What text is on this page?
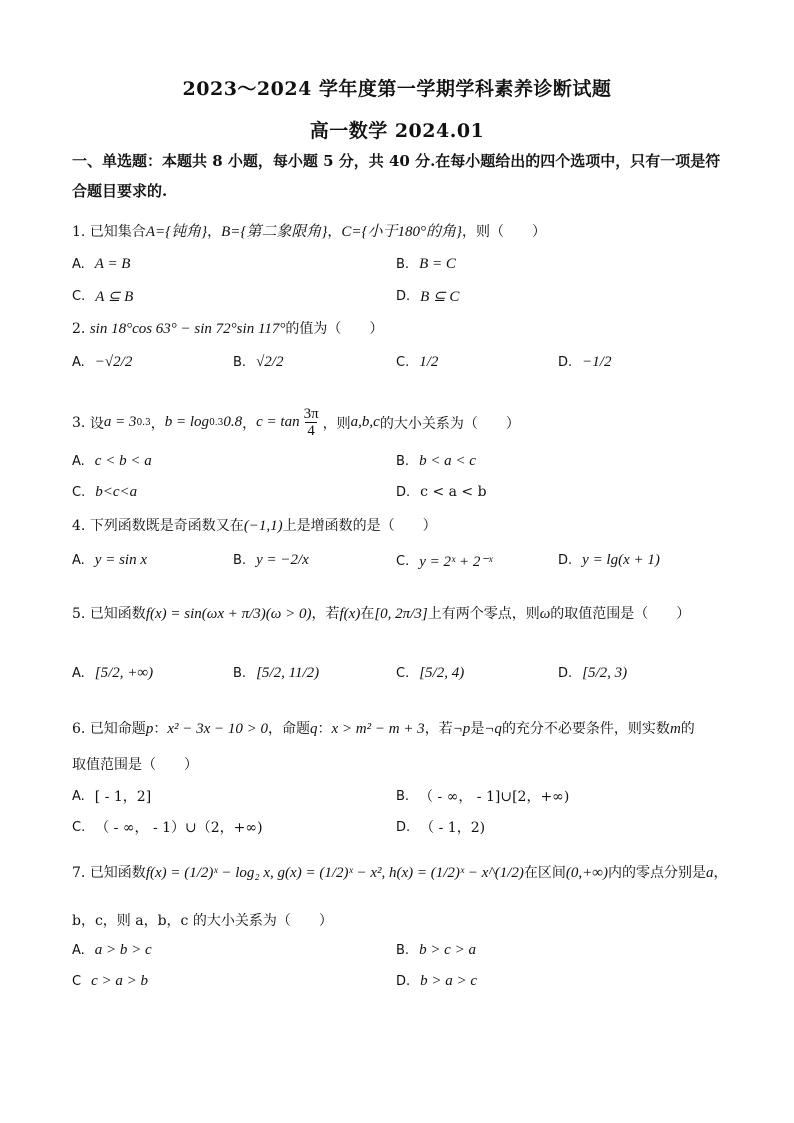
2023～2024 学年度第一学期学科素养诊断试题
高一数学 2024.01
一、单选题：本题共 8 小题，每小题 5 分，共 40 分.在每小题给出的四个选项中，只有一项是符合题目要求的.
1. 已知集合A={钝角}，B={第二象限角}，C={小于180°的角}，则（　　）
A. A = B	B. B = C
C. A ⊆ B	D. B ⊆ C
2. sin 18°cos 63° − sin 72°sin 117°的值为（　　）
A. −√2/2	B. √2/2	C. 1/2	D. −1/2
3.
设 a = 3 0.3 ， b = log 0.3 0.8 ， $c = \tan \frac{3\pi}{4}$ ，则 a,b,c 的大小关系为（　　）
A. c < b < a	B. b < a < c
C. b<c<a	D. c < a < b
4. 下列函数既是奇函数又在(−1,1)上是增函数的是（　　）
A. y = sin x	B. y = −2/x	C. y = 2ˣ + 2⁻ˣ	D. y = lg(x + 1)
5. 已知函数f(x) = sin(ωx + π/3)(ω > 0)，若f(x)在[0, 2π/3]上有两个零点，则ω的取值范围是（　　）
A. [5/2, +∞)	B. [5/2, 11/2)	C. [5/2, 4)	D. [5/2, 3)
6. 已知命题p：x² − 3x − 10 > 0，命题q：x > m² − m + 3，若¬p是¬q的充分不必要条件，则实数m的
取值范围是（　　）
A. [ - 1，2]	B. （ - ∞， - 1]∪[2，+∞)
C. （ - ∞， - 1）∪（2，+∞)	D. （ - 1，2)
7. 已知函数f(x) = (1/2)ˣ − log₂ x, g(x) = (1/2)ˣ − x², h(x) = (1/2)ˣ − x^(1/2)在区间(0,+∞)内的零点分别是a，
b，c，则 a，b，c 的大小关系为（　　）
A. a > b > c	B. b > c > a
C c > a > b	D. b > a > c
